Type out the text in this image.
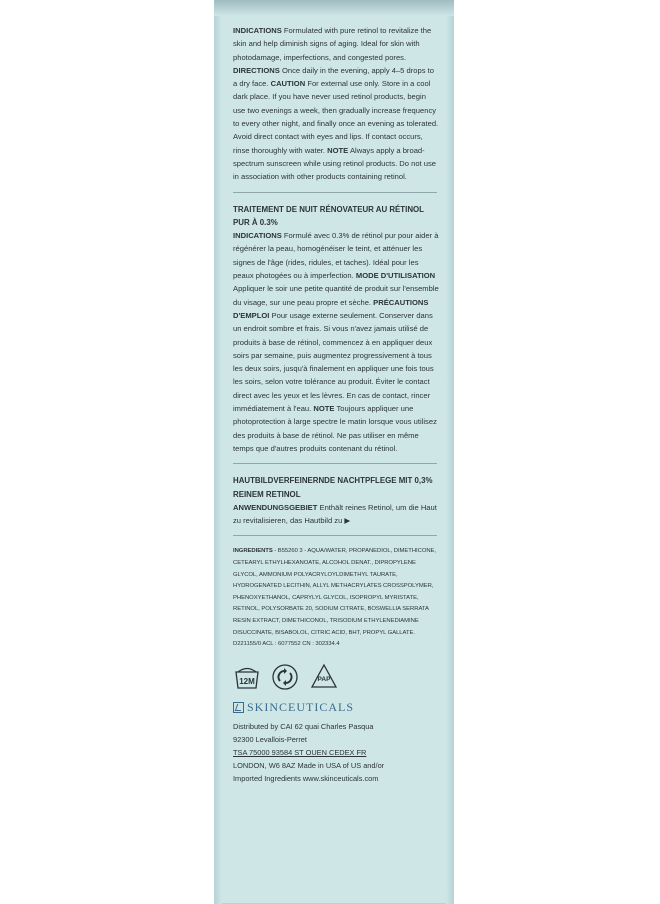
INDICATIONS Formulated with pure retinol to revitalize the skin and help diminish signs of aging. Ideal for skin with photodamage, imperfections, and congested pores. DIRECTIONS Once daily in the evening, apply 4–5 drops to a dry face. CAUTION For external use only. Store in a cool dark place. If you have never used retinol products, begin use two evenings a week, then gradually increase frequency to every other night, and finally once an evening as tolerated. Avoid direct contact with eyes and lips. If contact occurs, rinse thoroughly with water. NOTE Always apply a broad-spectrum sunscreen while using retinol products. Do not use in association with other products containing retinol.

TRAITEMENT DE NUIT RÉNOVATEUR AU RÉTINOL PUR À 0.3%

INDICATIONS Formulé avec 0.3% de rétinol pur pour aider à régénérer la peau, homogénéiser le teint, et atténuer les signes de l'âge (rides, ridules, et taches). Idéal pour les peaux photogées ou à imperfection. MODE D'UTILISATION Appliquer le soir une petite quantité de produit sur l'ensemble du visage, sur une peau propre et sèche. PRÉCAUTIONS D'EMPLOI Pour usage externe seulement. Conserver dans un endroit sombre et frais. Si vous n'avez jamais utilisé de produits à base de rétinol, commencez à en appliquer deux soirs par semaine, puis augmentez progressivement à tous les deux soirs, jusqu'à finalement en appliquer une fois tous les soirs, selon votre tolérance au produit. Éviter le contact direct avec les yeux et les lèvres. En cas de contact, rincer immédiatement à l'eau. NOTE Toujours appliquer une photoprotection à large spectre le matin lorsque vous utilisez des produits à base de rétinol. Ne pas utiliser en même temps que d'autres produits contenant du rétinol.

HAUTBILDVERFEINERNDE NACHTPFLEGE MIT 0,3% REINEM RETINOL

ANWENDUNGSGEBIET Enthält reines Retinol, um die Haut zu revitalisieren, das Hautbild zu ▶

INGREDIENTS - B55260 3 - AQUA/WATER, PROPANEDIOL, DIMETHICONE, CETEARYL ETHYLHEXANOATE, ALCOHOL DENAT., DIPROPYLENE GLYCOL, AMMONIUM POLYACRYLOYLDIMETHYL TAURATE, HYDROGENATED LECITHIN, ALLYL METHACRYLATES CROSSPOLYMER, PHENOXYETHANOL, CAPRYLYL GLYCOL, ISOPROPYL MYRISTATE, RETINOL, POLYSORBATE 20, SODIUM CITRATE, BOSWELLIA SERRATA RESIN EXTRACT, DIMETHICONOL, TRISODIUM ETHYLENEDIAMINE DISUCCINATE, BISABOLOL, CITRIC ACID, BHT, PROPYL GALLATE. D221155/0 ACL : 6077552 CN : 302334.4

12M	PAP
SKINCEUTICALS
Distributed by CAI 62 quai Charles Pasqua
92300 Levallois-Perret
TSA 75000 93584 ST OUEN CEDEX FR
LONDON, W6 8AZ Made in USA of US and/or
Imported Ingredients www.skinceuticals.com
